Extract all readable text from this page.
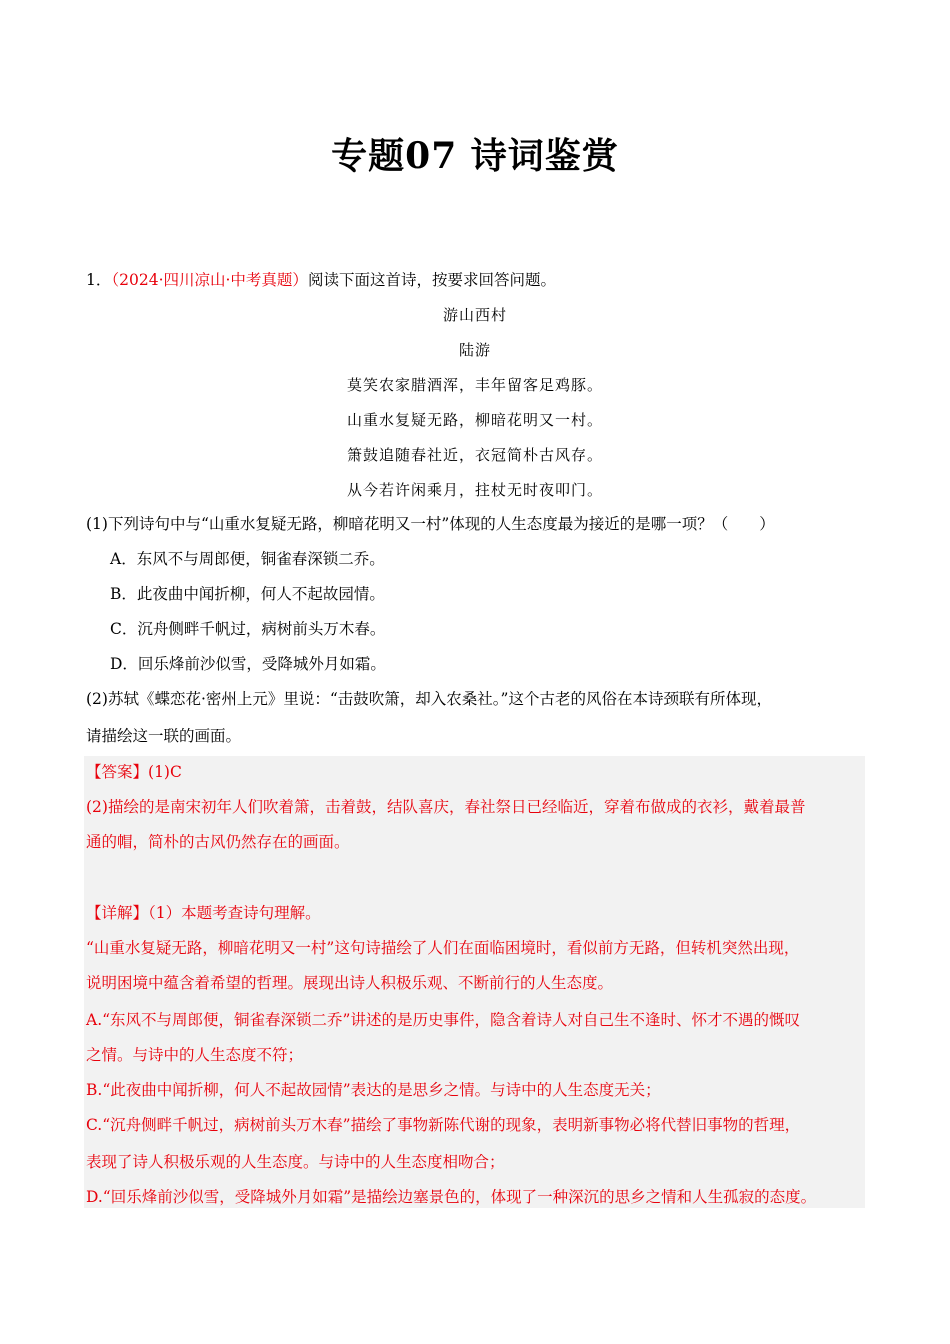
专题07 诗词鉴赏
1．（2024·四川凉山·中考真题）阅读下面这首诗，按要求回答问题。
游山西村
陆游
莫笑农家腊酒浑，丰年留客足鸡豚。
山重水复疑无路，柳暗花明又一村。
箫鼓追随春社近，衣冠简朴古风存。
从今若许闲乘月，拄杖无时夜叩门。
(1)下列诗句中与“山重水复疑无路，柳暗花明又一村”体现的人生态度最为接近的是哪一项？（　　）
A．东风不与周郎便，铜雀春深锁二乔。
B．此夜曲中闻折柳，何人不起故园情。
C．沉舟侧畔千帆过，病树前头万木春。
D．回乐烽前沙似雪，受降城外月如霜。
(2)苏轼《蝶恋花·密州上元》里说：“击鼓吹箫，却入农桑社。”这个古老的风俗在本诗颈联有所体现，
请描绘这一联的画面。
【答案】(1)C
(2)描绘的是南宋初年人们吹着箫，击着鼓，结队喜庆，春社祭日已经临近，穿着布做成的衣衫，戴着最普
通的帽，简朴的古风仍然存在的画面。
【详解】（1）本题考查诗句理解。
“山重水复疑无路，柳暗花明又一村”这句诗描绘了人们在面临困境时，看似前方无路，但转机突然出现，
说明困境中蕴含着希望的哲理。展现出诗人积极乐观、不断前行的人生态度。
A.“东风不与周郎便，铜雀春深锁二乔”讲述的是历史事件，隐含着诗人对自己生不逢时、怀才不遇的慨叹
之情。与诗中的人生态度不符；
B.“此夜曲中闻折柳，何人不起故园情”表达的是思乡之情。与诗中的人生态度无关；
C.“沉舟侧畔千帆过，病树前头万木春”描绘了事物新陈代谢的现象，表明新事物必将代替旧事物的哲理，
表现了诗人积极乐观的人生态度。与诗中的人生态度相吻合；
D.“回乐烽前沙似雪，受降城外月如霜”是描绘边塞景色的，体现了一种深沉的思乡之情和人生孤寂的态度。
